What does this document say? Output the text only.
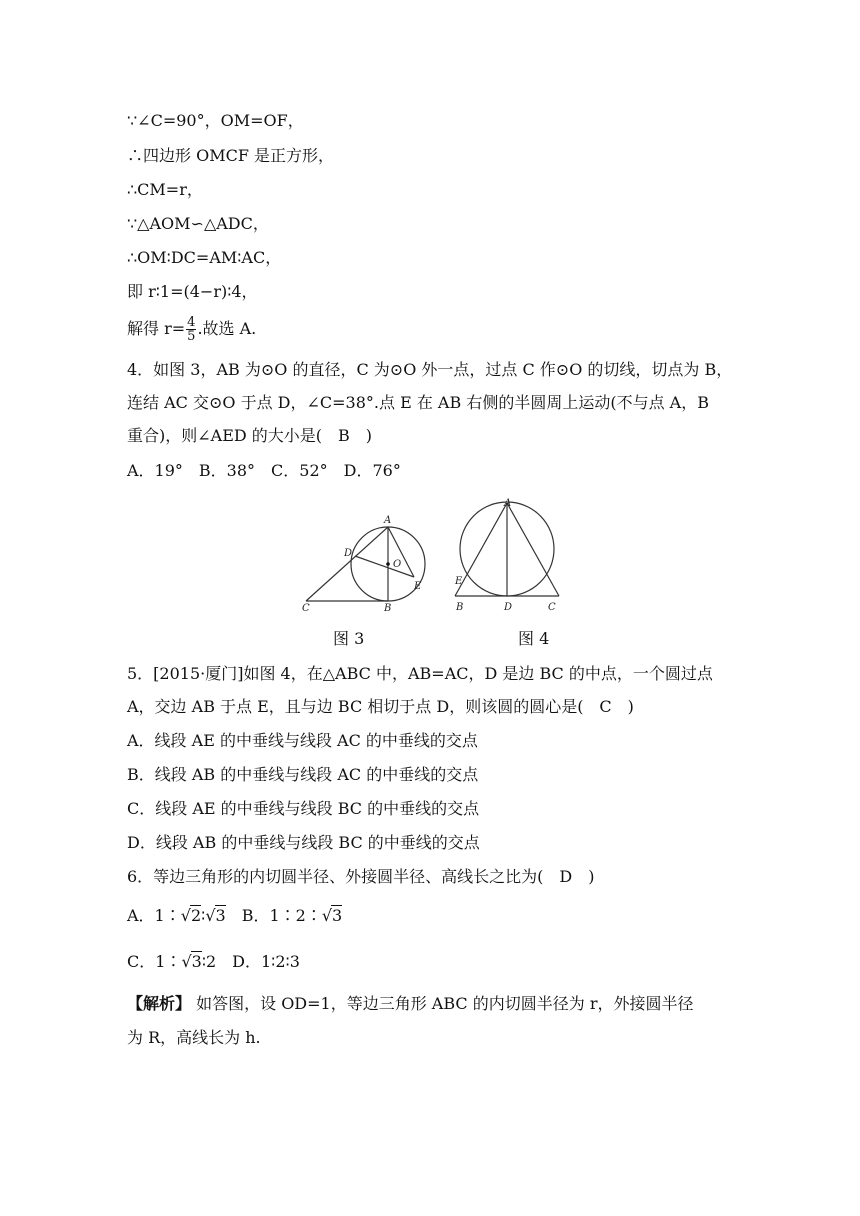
∵∠C=90°，OM=OF，
∴四边形 OMCF 是正方形，
∴CM=r，
∵△AOM∽△ADC，
∴OM∶DC=AM∶AC，
即 r∶1=(4−r)∶4，
解得 $r= \frac{4}{5}$ .故选 A.
4．如图 3，AB 为⊙O 的直径，C 为⊙O 外一点，过点 C 作⊙O 的切线，切点为 B，
连结 AC 交⊙O 于点 D，∠C=38°.点 E 在 AB 右侧的半圆周上运动(不与点 A，B
重合)，则∠AED 的大小是(　B　)
A．19°　B．38°　C．52°　D．76°
A
D
O
E
C	B
图 3
A
E
B	D	C
图 4
5．[2015·厦门]如图 4，在△ABC 中，AB=AC，D 是边 BC 的中点，一个圆过点
A，交边 AB 于点 E，且与边 BC 相切于点 D，则该圆的圆心是(　C　)
A．线段 AE 的中垂线与线段 AC 的中垂线的交点
B．线段 AB 的中垂线与线段 AC 的中垂线的交点
C．线段 AE 的中垂线与线段 BC 的中垂线的交点
D．线段 AB 的中垂线与线段 BC 的中垂线的交点
6．等边三角形的内切圆半径、外接圆半径、高线长之比为(　D　)
A．1∶√2∶√3　B．1∶2∶√3
C．1∶√3∶2　D．1∶2∶3
【解析】 如答图，设 OD=1，等边三角形 ABC 的内切圆半径为 r，外接圆半径
为 R，高线长为 h.
